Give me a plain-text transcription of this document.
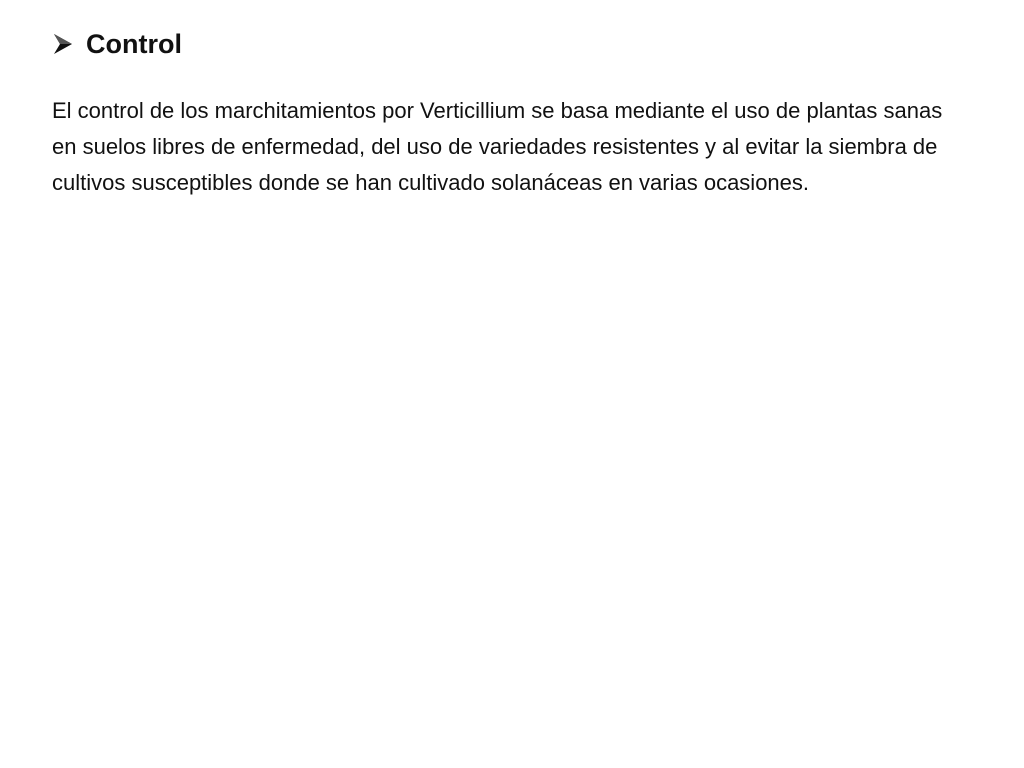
Control

El control de los marchitamientos por Verticillium se basa mediante el uso de plantas sanas en suelos libres de enfermedad, del uso de variedades resistentes y al evitar la siembra de cultivos susceptibles donde se han cultivado solanáceas en varias ocasiones.
